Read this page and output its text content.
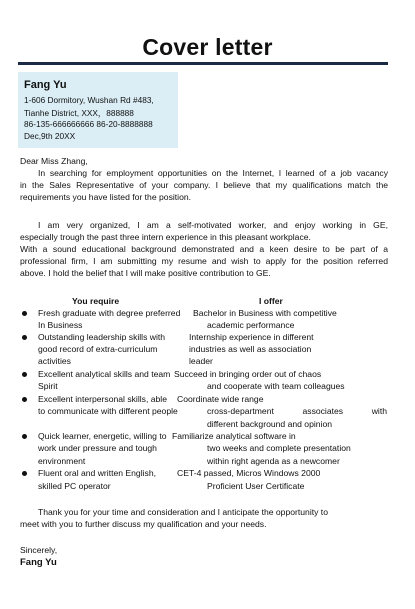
Cover letter
Fang Yu
1-606 Dormitory, Wushan Rd #483,
Tianhe District, XXX，888888
86-135-666666666 86-20-8888888
Dec,9th 20XX
Dear Miss Zhang,
In searching for employment opportunities on the Internet, I learned of a job vacancy
in the Sales Representative of your company. I believe that my qualifications match the
requirements you have listed for the position.
I am very organized, I am a self-motivated worker, and enjoy working in GE,
especially trough the past three intern experience in this pleasant workplace.
With a sound educational background demonstrated and a keen desire to be part of a
professional firm, I am submitting my resume and wish to apply for the position referred
above. I hold the belief that I will make positive contribution to GE.
You require	I offer
Fresh graduate with degree preferred
In Business
Outstanding leadership skills with
good record of extra-curriculum
activities
Excellent analytical skills and team
Spirit
Excellent interpersonal skills, able
to communicate with different people
Quick learner, energetic, willing to
work under pressure and tough
environment
Fluent oral and written English,
skilled PC operator
Bachelor in Business with competitive
academic performance
Internship experience in different
industries as well as association
leader
Succeed in bringing order out of chaos
and cooperate with team colleagues
Coordinate wide range
cross-department associates with
different background and opinion
Familiarize analytical software in
two weeks and complete presentation
within right agenda as a newcomer
CET-4 passed, Micros Windows 2000
Proficient User Certificate
Thank you for your time and consideration and I anticipate the opportunity to
meet with you to further discuss my qualification and your needs.
Sincerely,
Fang Yu
